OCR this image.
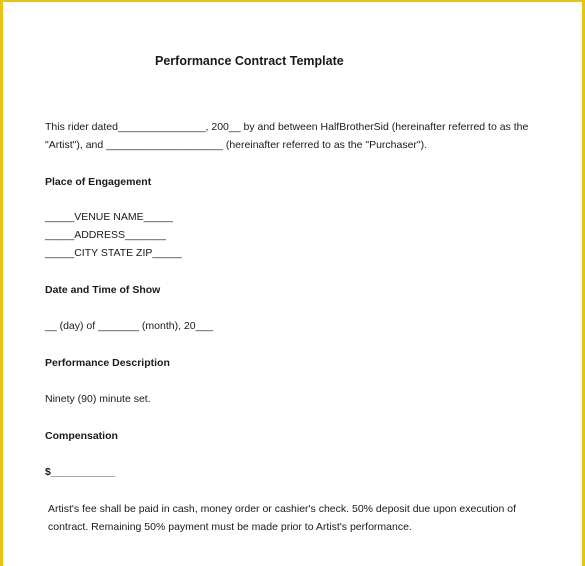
Performance Contract Template
This rider dated_______________, 200__ by and between HalfBrotherSid (hereinafter referred to as the
"Artist"), and ____________________ (hereinafter referred to as the "Purchaser").
Place of Engagement
_____VENUE NAME_____
_____ADDRESS_______
_____CITY STATE ZIP_____
Date and Time of Show
__ (day) of _______ (month), 20___
Performance Description
Ninety (90) minute set.
Compensation
$___________
Artist's fee shall be paid in cash, money order or cashier's check. 50% deposit due upon execution of
contract. Remaining 50% payment must be made prior to Artist's performance.
